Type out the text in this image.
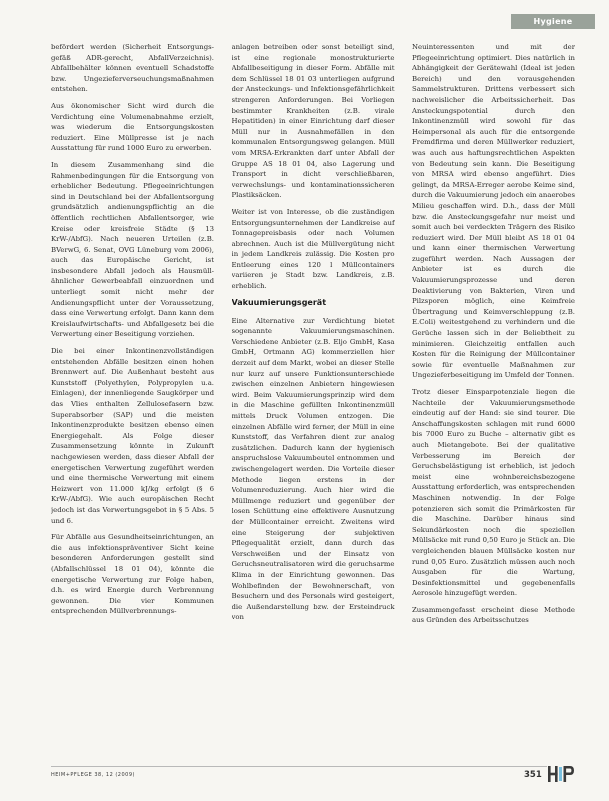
Hygiene

befördert werden (Sicherheit Entsorgungs-gefäß ADR-gerecht, AbfallVerzeichnis). Abfallbehälter können eventuell Schadstoffe bzw. Ungezieferverseuchungsmaßnahmen entstehen.

Aus ökonomischer Sicht wird durch die Verdichtung eine Volumenabnahme erzielt, was wiederum die Entsorgungskosten reduziert. Eine Müllpresse ist je nach Ausstattung für rund 1000 Euro zu erwerben.

In diesem Zusammenhang sind die Rahmenbedingungen für die Entsorgung von erheblicher Bedeutung. Pflegeeinrichtungen sind in Deutschland bei der Abfallentsorgung grundsätzlich andienungspflichtig an die öffentlich rechtlichen Abfallentsorger, wie Kreise oder kreisfreie Städte (§ 13 KrW-/AbfG). Nach neueren Urteilen (z.B. BVerwG, 6. Senat, OVG Lüneburg vom 2006), auch das Europäische Gericht, ist insbesondere Abfall jedoch als Hausmüll-ähnlicher Gewerbeabfall einzuordnen und unterliegt somit nicht mehr der Andienungspflicht unter der Voraussetzung, dass eine Verwertung erfolgt. Dann kann dem Kreislaufwirtschafts- und Abfallgesetz bei die Verwertung einer Beseitigung vorziehen.

Die bei einer Inkontinenzvollständigen entstehenden Abfälle besitzen einen hohen Brennwert auf. Die Außenhaut besteht aus Kunststoff (Polyethylen, Polypropylen u.a. Einlagen), der innenliegende Saugkörper und das Vlies enthalten Zellulosefasern bzw. Superabsorber (SAP) und die meisten Inkontinenzprodukte besitzen ebenso einen Energiegehalt. Als Folge dieser Zusammensetzung könnte in Zukunft nachgewiesen werden, dass dieser Abfall der energetischen Verwertung zugeführt werden und eine thermische Verwertung mit einem Heizwert von 11.000 kJ/kg erfolgt (§ 6 KrW-/AbfG). Wie auch europäischen Recht jedoch ist das Verwertungsgebot in § 5 Abs. 5 und 6.

Für Abfälle aus Gesundheitseinrichtungen, an die aus infektionspräventiver Sicht keine besonderen Anforderungen gestellt sind (Abfallschlüssel 18 01 04), könnte die energetische Verwertung zur Folge haben, d.h. es wird Energie durch Verbrennung gewonnen. Die vier Kommunen entsprechenden Müllverbrennungs-

anlagen betreiben oder sonst beteiligt sind, ist eine regionale monostrukturierte Abfallbeseitigung in dieser Form. Abfälle mit dem Schlüssel 18 01 03 unterliegen aufgrund der Ansteckungs- und Infektionsgefährlichkeit strengeren Anforderungen. Bei Vorliegen bestimmter Krankheiten (z.B. virale Hepatitiden) in einer Einrichtung darf dieser Müll nur in Ausnahmefällen in den kommunalen Entsorgungsweg gelangen. Müll vom MRSA-Erkrankten darf unter Abfall der Gruppe AS 18 01 04, also Lagerung und Transport in dicht verschließbaren, verwechslungs- und kontaminationssicheren Plastiksäcken.

Weiter ist von Interesse, ob die zuständigen Entsorgungsunternehmen der Landkreise auf Tonnagepreisbasis oder nach Volumen abrechnen. Auch ist die Müllvergütung nicht in jedem Landkreis zulässig. Die Kosten pro Entleerung eines 120 l Müllcontainers variieren je Stadt bzw. Landkreis, z.B. erheblich.

Vakuumierungsgerät

Eine Alternative zur Verdichtung bietet sogenannte Vakuumierungsmaschinen. Verschiedene Anbieter (z.B. Eljo GmbH, Kasa GmbH, Ortmann AG) kommerziellen hier derzeit auf dem Markt, wobei an dieser Stelle nur kurz auf unsere Funktionsunterschiede zwischen einzelnen Anbietern hingewiesen wird. Beim Vakuumierungsprinzip wird dem in die Maschine gefüllten Inkontinenzmüll mittels Druck Volumen entzogen. Die einzelnen Abfälle wird ferner, der Müll in eine Kunststoff, das Verfahren dient zur analog zusätzlichen. Dadurch kann der hygienisch anspruchslose Vakuumbeutel entnommen und zwischengelagert werden. Die Vorteile dieser Methode liegen erstens in der Volumenreduzierung. Auch hier wird die Müllmenge reduziert und gegenüber der losen Schüttung eine effektivere Ausnutzung der Müllcontainer erreicht. Zweitens wird eine Steigerung der subjektiven Pflegequalität erzielt, dann durch das Verschweißen und der Einsatz von Geruchsneutralisatoren wird die geruchsarme Klima in der Einrichtung gewonnen. Das Wohlbefinden der Bewohnerschaft, von Besuchern und des Personals wird gesteigert, die Außendarstellung bzw. der Ersteindruck von

Neuinteressenten und mit der Pflegeeinrichtung optimiert. Dies natürlich in Abhängigkeit der Gerätewahl (Ideal ist jeden Bereich) und den vorausgehenden Sammelstrukturen. Drittens verbessert sich nachweislicher die Arbeitssicherheit. Das Ansteckungspotential durch den Inkontinenzmüll wird sowohl für das Heimpersonal als auch für die entsorgende Fremdfirma und deren Müllwerker reduziert, was auch aus haftungsrechtlichen Aspekten von Bedeutung sein kann. Die Beseitigung von MRSA wird ebenso angeführt. Dies gelingt, da MRSA-Erreger aerobe Keime sind, durch die Vakuumierung jedoch ein anaerobes Milieu geschaffen wird. D.h., dass der Müll bzw. die Ansteckungsgefahr nur meist und somit auch bei verdeckten Trägern des Risiko reduziert wird. Der Müll bleibt AS 18 01 04 und kann einer thermischen Verwertung zugeführt werden. Nach Aussagen der Anbieter ist es durch die Vakuumierungsprozesse und deren Deaktivierung von Bakterien, Viren und Pilzsporen möglich, eine Keimfreie Übertragung und Keimverschleppung (z.B. E.Coli) weitestgehend zu verhindern und die Gerüche lassen sich in der Beliebtheit zu minimieren. Gleichzeitig entfallen auch Kosten für die Reinigung der Müllcontainer sowie für eventuelle Maßnahmen zur Ungezieferbeseitigung im Umfeld der Tonnen.

Trotz dieser Einsparpotenziale liegen die Nachteile der Vakuumierungsmethode eindeutig auf der Hand: sie sind teurer. Die Anschaffungskosten schlagen mit rund 6000 bis 7000 Euro zu Buche – alternativ gibt es auch Mietangebote. Bei der qualitative Verbesserung im Bereich der Geruchsbelästigung ist erheblich, ist jedoch meist eine wohnbereichsbezogene Ausstattung erforderlich, was entsprechenden Maschinen notwendig. In der Folge potenzieren sich somit die Primärkosten für die Maschine. Darüber hinaus sind Sekundärkosten noch die speziellen Müllsäcke mit rund 0,50 Euro je Stück an. Die vergleichenden blauen Müllsäcke kosten nur rund 0,05 Euro. Zusätzlich müssen auch noch Ausgaben für die Wartung, Desinfektionsmittel und gegebenenfalls Aerosole hinzugefügt werden.

Zusammengefasst erscheint diese Methode aus Gründen des Arbeitsschutzes

HEIM+PFLEGE 38, 12 (2009)	351
